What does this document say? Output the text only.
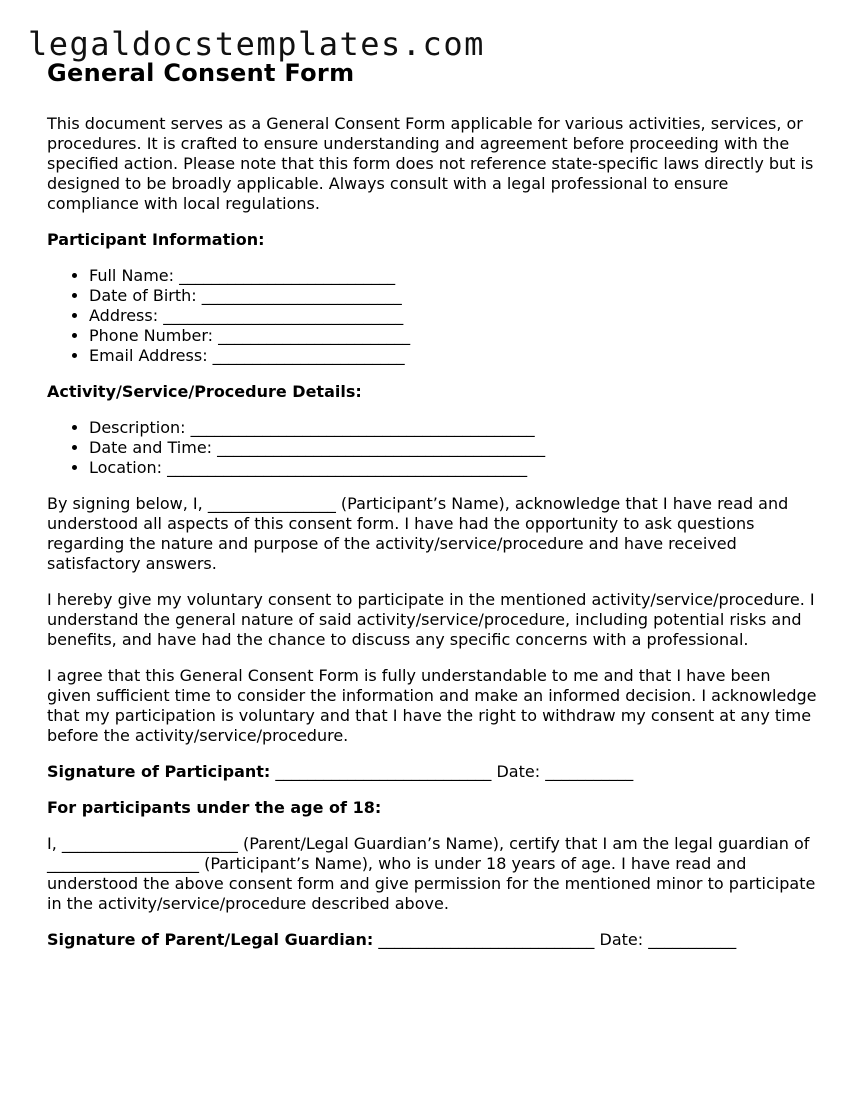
legaldocstemplates.com
General Consent Form

This document serves as a General Consent Form applicable for various activities, services, or procedures. It is crafted to ensure understanding and agreement before proceeding with the specified action. Please note that this form does not reference state-specific laws directly but is designed to be broadly applicable. Always consult with a legal professional to ensure compliance with local regulations.

Participant Information:

• Full Name: ___________________________
• Date of Birth: _________________________
• Address: ______________________________
• Phone Number: ________________________
• Email Address: ________________________

Activity/Service/Procedure Details:

• Description: ___________________________________________
• Date and Time: _________________________________________
• Location: _____________________________________________

By signing below, I, ________________ (Participant’s Name), acknowledge that I have read and understood all aspects of this consent form. I have had the opportunity to ask questions regarding the nature and purpose of the activity/service/procedure and have received satisfactory answers.

I hereby give my voluntary consent to participate in the mentioned activity/service/procedure. I understand the general nature of said activity/service/procedure, including potential risks and benefits, and have had the chance to discuss any specific concerns with a professional.

I agree that this General Consent Form is fully understandable to me and that I have been given sufficient time to consider the information and make an informed decision. I acknowledge that my participation is voluntary and that I have the right to withdraw my consent at any time before the activity/service/procedure.

Signature of Participant: ___________________________ Date: ___________

For participants under the age of 18:

I, ______________________ (Parent/Legal Guardian’s Name), certify that I am the legal guardian of ___________________ (Participant’s Name), who is under 18 years of age. I have read and understood the above consent form and give permission for the mentioned minor to participate in the activity/service/procedure described above.

Signature of Parent/Legal Guardian: ___________________________ Date: ___________
